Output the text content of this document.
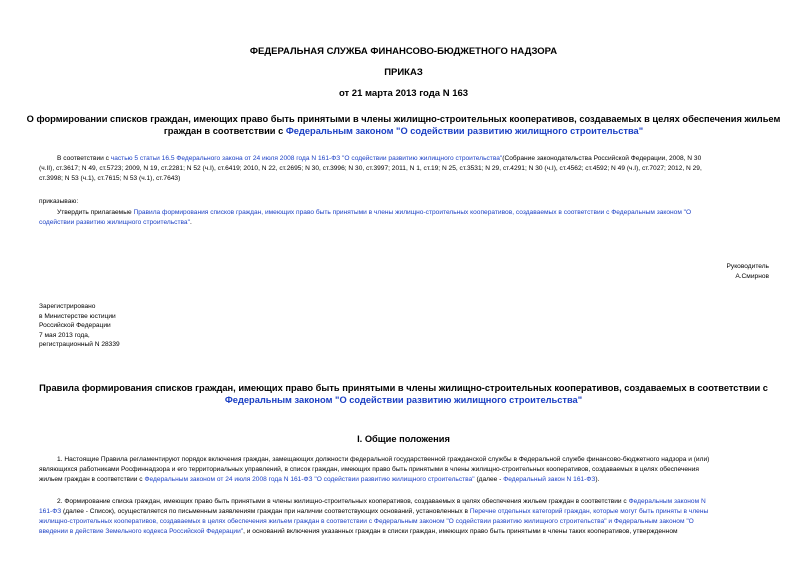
ФЕДЕРАЛЬНАЯ СЛУЖБА ФИНАНСОВО-БЮДЖЕТНОГО НАДЗОРА
ПРИКАЗ
от 21 марта 2013 года N 163
О формировании списков граждан, имеющих право быть принятыми в члены жилищно-строительных кооперативов, создаваемых в целях обеспечения жильем
граждан в соответствии с Федеральным законом "О содействии развитию жилищного строительства"
В соответствии с частью 5 статьи 16.5 Федерального закона от 24 июля 2008 года N 161-ФЗ "О содействии развитию жилищного строительства"(Собрание законодательства Российской Федерации, 2008, N 30
(ч.II), ст.3617; N 49, ст.5723; 2009, N 19, ст.2281; N 52 (ч.I), ст.6419; 2010, N 22, ст.2695; N 30, ст.3996; N 30, ст.3997; 2011, N 1, ст.19; N 25, ст.3531; N 29, ст.4291; N 30 (ч.I), ст.4562; ст.4592; N 49 (ч.I), ст.7027; 2012, N 29,
ст.3998; N 53 (ч.1), ст.7615; N 53 (ч.1), ст.7643)
приказываю:
Утвердить прилагаемые Правила формирования списков граждан, имеющих право быть принятыми в члены жилищно-строительных кооперативов, создаваемых в соответствии с Федеральным законом "О
содействии развитию жилищного строительства".
Руководитель
А.Смирнов
Зарегистрировано
в Министерстве юстиции
Российской Федерации
7 мая 2013 года,
регистрационный N 28339
Правила формирования списков граждан, имеющих право быть принятыми в члены жилищно-строительных кооперативов, создаваемых в соответствии с
Федеральным законом "О содействии развитию жилищного строительства"
I. Общие положения
1. Настоящие Правила регламентируют порядок включения граждан, замещающих должности федеральной государственной гражданской службы в Федеральной службе финансово-бюджетного надзора и (или)
являющихся работниками Росфиннадзора и его территориальных управлений, в список граждан, имеющих право быть принятыми в члены жилищно-строительных кооперативов, создаваемых в целях обеспечения
жильем граждан в соответствии с Федеральным законом от 24 июля 2008 года N 161-ФЗ "О содействии развитию жилищного строительства" (далее - Федеральный закон N 161-ФЗ).
2. Формирование списка граждан, имеющих право быть принятыми в члены жилищно-строительных кооперативов, создаваемых в целях обеспечения жильем граждан в соответствии с Федеральным законом N
161-ФЗ (далее - Список), осуществляется по письменным заявлениям граждан при наличии соответствующих оснований, установленных в Перечне отдельных категорий граждан, которые могут быть приняты в члены
жилищно-строительных кооперативов, создаваемых в целях обеспечения жильем граждан в соответствии с Федеральным законом "О содействии развитию жилищного строительства" и Федеральным законом "О
введении в действие Земельного кодекса Российской Федерации", и оснований включения указанных граждан в списки граждан, имеющих право быть принятыми в члены таких кооперативов, утвержденном
